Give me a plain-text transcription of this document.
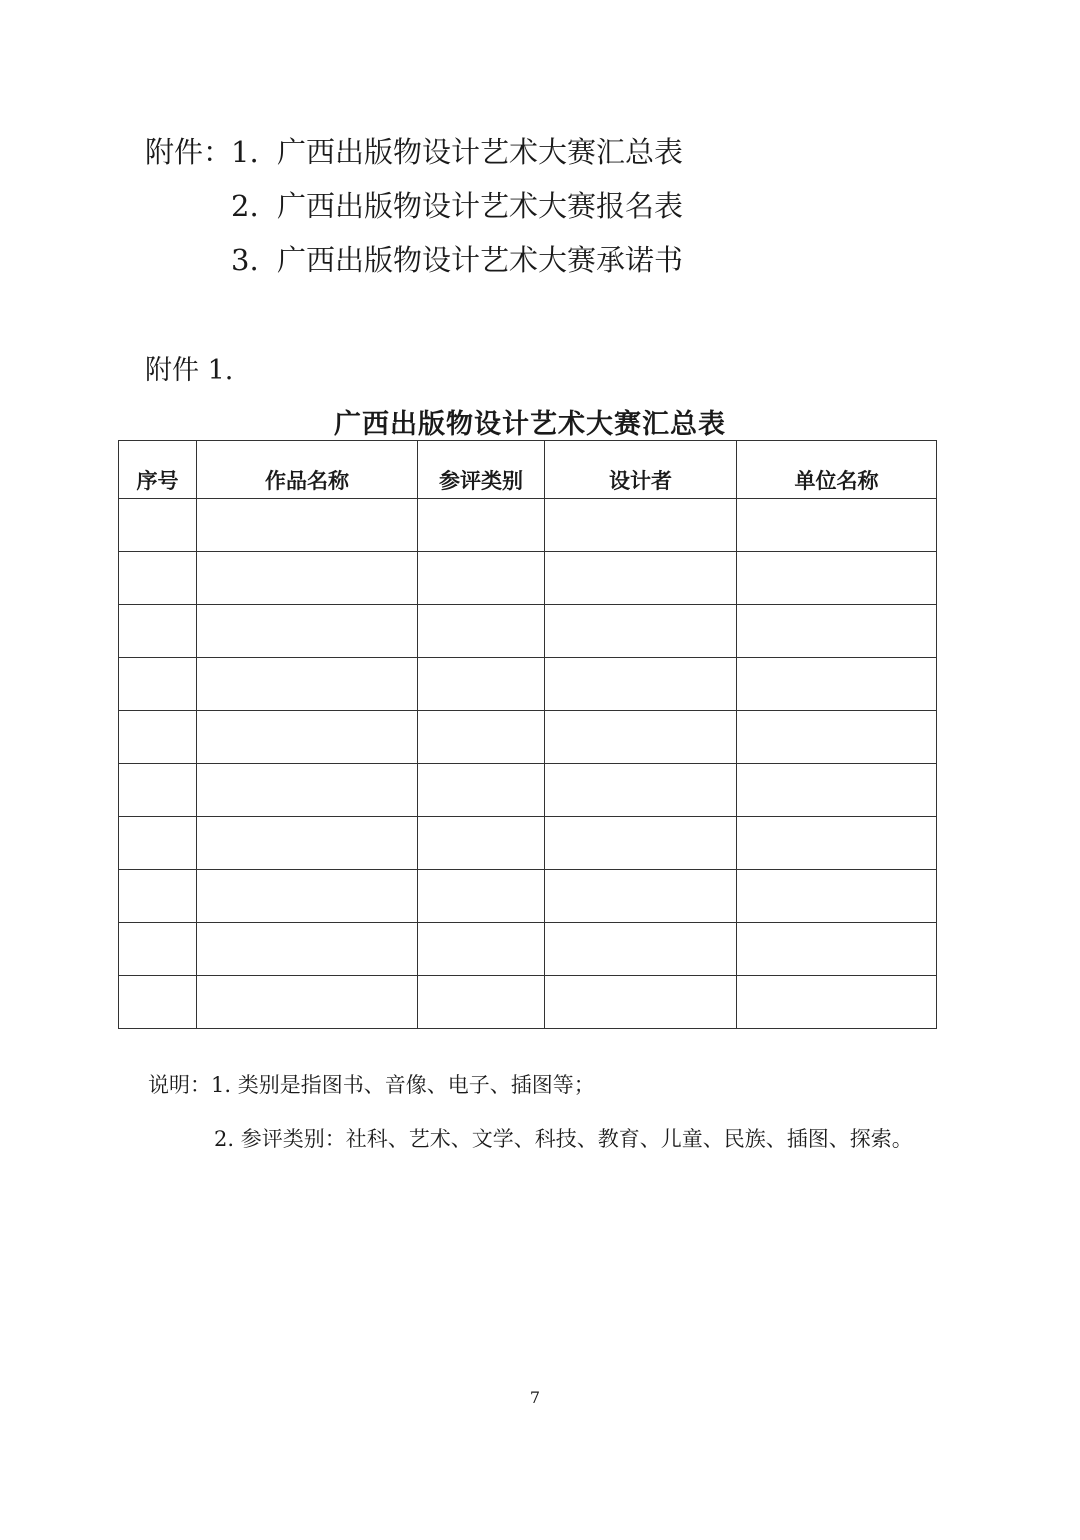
附件：
1. 广西出版物设计艺术大赛汇总表
2. 广西出版物设计艺术大赛报名表
3. 广西出版物设计艺术大赛承诺书
附件 1.
广西出版物设计艺术大赛汇总表
序号	作品名称	参评类别	设计者	单位名称

说明： 1. 类别是指图书、音像、电子、插图等；
2. 参评类别：社科、艺术、文学、科技、教育、儿童、民族、插图、探索。
7
